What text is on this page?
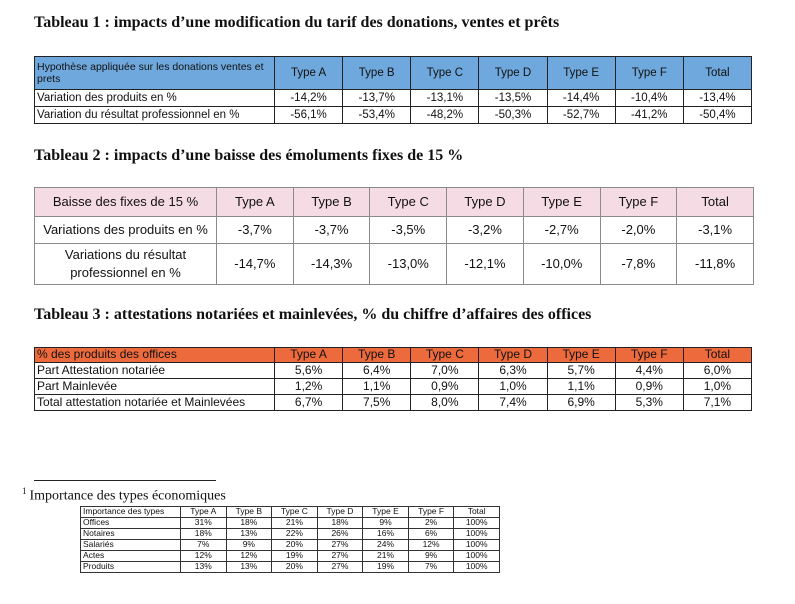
Tableau 1 : impacts d’une modification du tarif des donations, ventes et prêts
Hypothèse appliquée sur les donations ventes et prets	Type A	Type B	Type C	Type D	Type E	Type F	Total
Variation des produits en %	-14,2%	-13,7%	-13,1%	-13,5%	-14,4%	-10,4%	-13,4%
Variation du résultat professionnel en %	-56,1%	-53,4%	-48,2%	-50,3%	-52,7%	-41,2%	-50,4%
Tableau 2 : impacts d’une baisse des émoluments fixes de 15 %
Baisse des fixes de 15 %	Type A	Type B	Type C	Type D	Type E	Type F	Total
Variations des produits en %	-3,7%	-3,7%	-3,5%	-3,2%	-2,7%	-2,0%	-3,1%
Variations du résultat professionnel en %	-14,7%	-14,3%	-13,0%	-12,1%	-10,0%	-7,8%	-11,8%
Tableau 3 : attestations notariées et mainlevées, % du chiffre d’affaires des offices
% des produits des offices	Type A	Type B	Type C	Type D	Type E	Type F	Total
Part Attestation notariée	5,6%	6,4%	7,0%	6,3%	5,7%	4,4%	6,0%
Part Mainlevée	1,2%	1,1%	0,9%	1,0%	1,1%	0,9%	1,0%
Total attestation notariée et Mainlevées	6,7%	7,5%	8,0%	7,4%	6,9%	5,3%	7,1%

$^1$ Importance des types économiques

Importance des types	Type A	Type B	Type C	Type D	Type E	Type F	Total
Offices	31%	18%	21%	18%	9%	2%	100%
Notaires	18%	13%	22%	26%	16%	6%	100%
Salariés	7%	9%	20%	27%	24%	12%	100%
Actes	12%	12%	19%	27%	21%	9%	100%
Produits	13%	13%	20%	27%	19%	7%	100%
